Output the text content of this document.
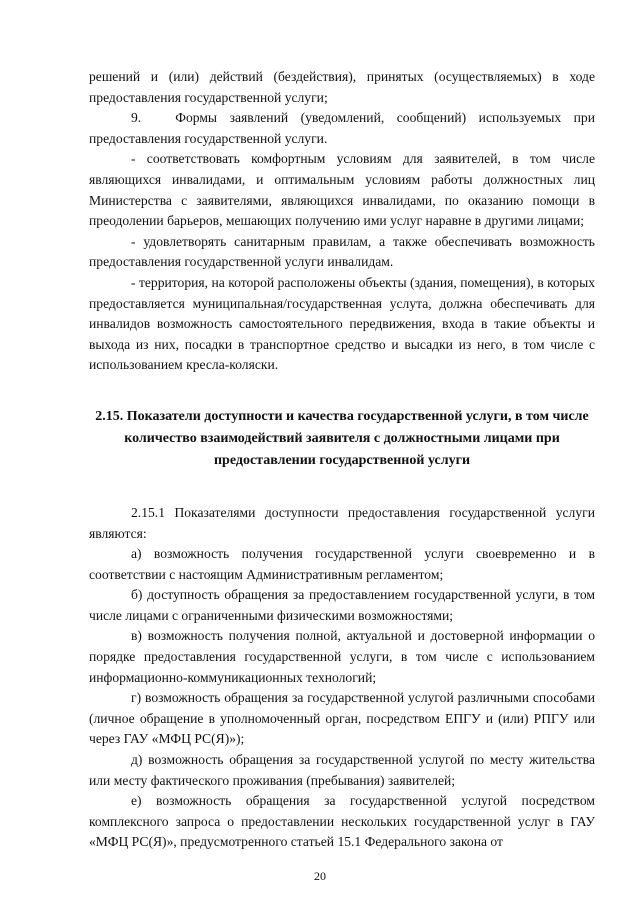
решений и (или) действий (бездействия), принятых (осуществляемых) в ходе предоставления государственной услуги;

9.	Формы заявлений (уведомлений, сообщений) используемых при предоставления государственной услуги.

- соответствовать комфортным условиям для заявителей, в том числе являющихся инвалидами, и оптимальным условиям работы должностных лиц Министерства с заявителями, являющихся инвалидами, по оказанию помощи в преодолении барьеров, мешающих получению ими услуг наравне в другими лицами;

- удовлетворять санитарным правилам, а также обеспечивать возможность предоставления государственной услуги инвалидам.

- территория, на которой расположены объекты (здания, помещения), в которых предоставляется муниципальная/государственная услута, должна обеспечивать для инвалидов возможность самостоятельного передвижения, входа в такие объекты и выхода из них, посадки в транспортное средство и высадки из него, в том числе с использованием кресла-коляски.

2.15. Показатели доступности и качества государственной услуги, в том числе количество взаимодействий заявителя с должностными лицами при предоставлении государственной услуги

2.15.1 Показателями доступности предоставления государственной услуги являются:

а) возможность получения государственной услуги своевременно и в соответствии с настоящим Административным регламентом;

б) доступность обращения за предоставлением государственной услуги, в том числе лицами с ограниченными физическими возможностями;

в) возможность получения полной, актуальной и достоверной информации о порядке предоставления государственной услуги, в том числе с использованием информационно-коммуникационных технологий;

г) возможность обращения за государственной услугой различными способами (личное обращение в уполномоченный орган, посредством ЕПГУ и (или) РПГУ или через ГАУ «МФЦ РС(Я)»);

д) возможность обращения за государственной услугой по месту жительства или месту фактического проживания (пребывания) заявителей;

е) возможность обращения за государственной услугой посредством комплексного запроса о предоставлении нескольких государственной услуг в ГАУ «МФЦ РС(Я)», предусмотренного статьей 15.1 Федерального закона от

20
